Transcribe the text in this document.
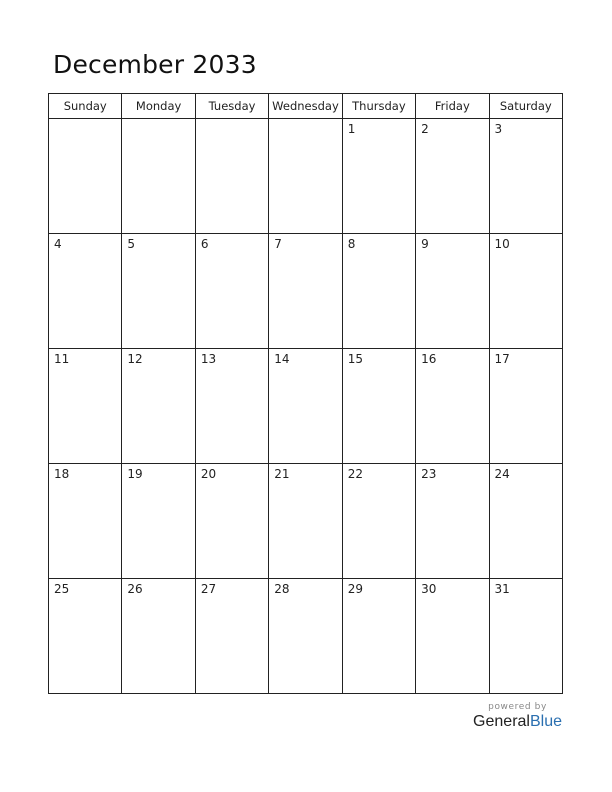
December 2033
Sunday	Monday	Tuesday	Wednesday	Thursday	Friday	Saturday

				1	2	3

4	5	6	7	8	9	10

11	12	13	14	15	16	17

18	19	20	21	22	23	24

25	26	27	28	29	30	31
powered by
GeneralBlue
